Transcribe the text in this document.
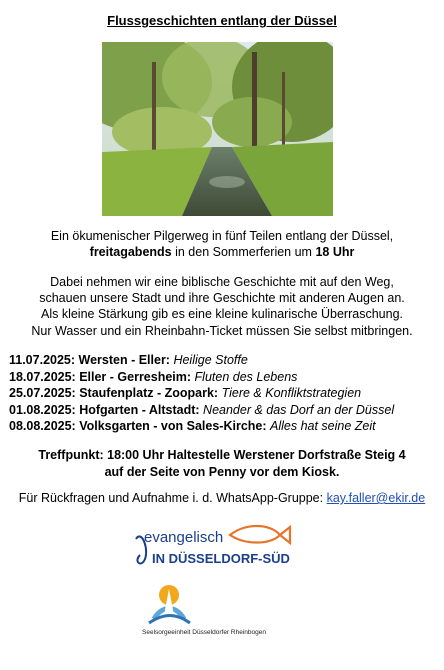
Flussgeschichten entlang der Düssel
Ein ökumenischer Pilgerweg in fünf Teilen entlang der Düssel,
freitagabends in den Sommerferien um 18 Uhr
Dabei nehmen wir eine biblische Geschichte mit auf den Weg,
schauen unsere Stadt und ihre Geschichte mit anderen Augen an.
Als kleine Stärkung gib es eine kleine kulinarische Überraschung.
Nur Wasser und ein Rheinbahn-Ticket müssen Sie selbst mitbringen.
11.07.2025: Wersten - Eller: Heilige Stoffe
18.07.2025: Eller - Gerresheim: Fluten des Lebens
25.07.2025: Staufenplatz - Zoopark: Tiere & Konfliktstrategien
01.08.2025: Hofgarten - Altstadt: Neander & das Dorf an der Düssel
08.08.2025: Volksgarten - von Sales-Kirche: Alles hat seine Zeit
Treffpunkt: 18:00 Uhr Haltestelle Werstener Dorfstraße Steig 4
auf der Seite von Penny vor dem Kiosk.
Für Rückfragen und Aufnahme i. d. WhatsApp-Gruppe: kay.faller@ekir.de
evangelisch
IN DÜSSELDORF-SÜD
Seelsorgeeinheit Düsseldorfer Rheinbogen
